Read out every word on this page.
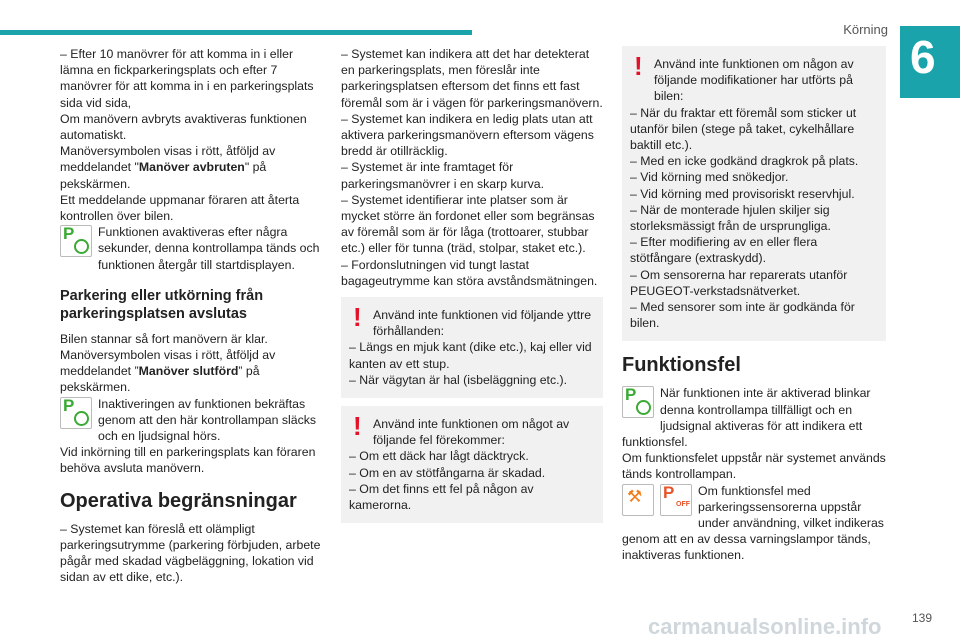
Körning
6

– Efter 10 manövrer för att komma in i eller lämna en fickparkeringsplats och efter 7 manövrer för att komma in i en parkeringsplats sida vid sida,

Om manövern avbryts avaktiveras funktionen automatiskt.

Manöversymbolen visas i rött, åtföljd av meddelandet "Manöver avbruten" på pekskärmen.

Ett meddelande uppmanar föraren att återta kontrollen över bilen.

P Funktionen avaktiveras efter några sekunder, denna kontrollampa tänds och funktionen återgår till startdisplayen.

Parkering eller utkörning från parkeringsplatsen avslutas

Bilen stannar så fort manövern är klar.

Manöversymbolen visas i rött, åtföljd av meddelandet ”Manöver slutförd” på pekskärmen.

P Inaktiveringen av funktionen bekräftas genom att den här kontrollampan släcks och en ljudsignal hörs.

Vid inkörning till en parkeringsplats kan föraren behöva avsluta manövern.

Operativa begränsningar

– Systemet kan föreslå ett olämpligt parkeringsutrymme (parkering förbjuden, arbete pågår med skadad vägbeläggning, lokation vid sidan av ett dike, etc.).

– Systemet kan indikera att det har detekterat en parkeringsplats, men föreslår inte parkeringsplatsen eftersom det finns ett fast föremål som är i vägen för parkeringsmanövern.

– Systemet kan indikera en ledig plats utan att aktivera parkeringsmanövern eftersom vägens bredd är otillräcklig.

– Systemet är inte framtaget för parkeringsmanövrer i en skarp kurva.

– Systemet identifierar inte platser som är mycket större än fordonet eller som begränsas av föremål som är för låga (trottoarer, stubbar etc.) eller för tunna (träd, stolpar, staket etc.).

– Fordonslutningen vid tungt lastat bagageutrymme kan störa avståndsmätningen.

! Använd inte funktionen vid följande yttre förhållanden:

– Längs en mjuk kant (dike etc.), kaj eller vid kanten av ett stup.

– När vägytan är hal (isbeläggning etc.).

! Använd inte funktionen om något av följande fel förekommer:

– Om ett däck har lågt däcktryck.

– Om en av stötfångarna är skadad.

– Om det finns ett fel på någon av kamerorna.

! Använd inte funktionen om någon av följande modifikationer har utförts på bilen:

– När du fraktar ett föremål som sticker ut utanför bilen (stege på taket, cykelhållare baktill etc.).

– Med en icke godkänd dragkrok på plats.

– Vid körning med snökedjor.

– Vid körning med provisoriskt reservhjul.

– När de monterade hjulen skiljer sig storleksmässigt från de ursprungliga.

– Efter modifiering av en eller flera stötfångare (extraskydd).

– Om sensorerna har reparerats utanför PEUGEOT-verkstadsnätverket.

– Med sensorer som inte är godkända för bilen.

Funktionsfel

P När funktionen inte är aktiverad blinkar denna kontrollampa tillfälligt och en ljudsignal aktiveras för att indikera ett funktionsfel.

Om funktionsfelet uppstår när systemet används tänds kontrollampan.

⚒ P
OFF
Om funktionsfel med parkeringssensorerna uppstår under användning, vilket indikeras genom att en av dessa varningslampor tänds, inaktiveras funktionen.

139
carmanualsonline.info
